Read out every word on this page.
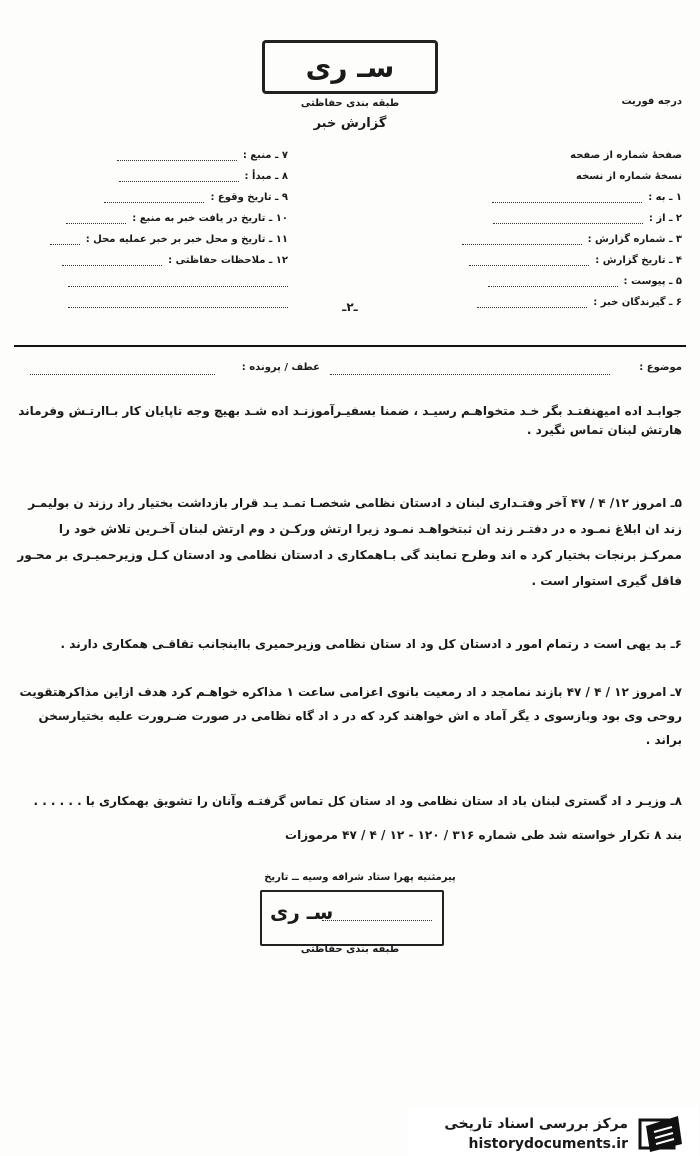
سـ ری
طبقه بندی حفاظتی
گزارش خبر
درجه فوریت
صفحهٔ شماره از صفحه
نسخهٔ شماره از نسخه
۱ ـ به :
۲ ـ از :
۳ ـ شماره گزارش :
۴ ـ تاریخ گزارش :
۵ ـ پیوست :
۶ ـ گیرندگان خبر :
۷ ـ منبع :
۸ ـ مبدأ :
۹ ـ تاریخ وقوع :
۱۰ ـ تاریخ در یافت خبر به منبع :
۱۱ ـ تاریخ و محل خبر بر خبر عملیه محل :
۱۲ ـ ملاحظات حفاظتی :
ـ۲ـ
موضوع :
عطف / پرونده :
جوابـد اده امیهنفتـد بگر خـد متخواهـم رسیـد ، ضمنا بسفیـرآموزنـد اده شـد بهیچ وجه تاپایان کار بـاارتـش وفرماند هارتش لبنان تماس نگیرد .
۵ـ امروز ۱۲/ ۴ / ۴۷ آخر وفتـداری لبنان د ادستان نظامی شخصـا تمـد یـد قرار بازداشت بختیار راد رزند ن بولیمـر زند ان ابلاغ نمـود ه در دفتـر زند ان ثبتخواهـد نمـود زیرا ارتش ورکـن د وم ارتش لبنان آخـرین تلاش خود را ممرکـز برنجات بختیار کرد ه اند وطرح تمایند گی بـاهمکاری د ادستان نظامی ود ادستان کـل وزیرحمیـری بر محـور فاقل گیری استوار است .
۶ـ بد یهی است د رتمام امور د ادستان کل ود اد ستان نظامی وزیرحمیری بااینجانب تقاقـی همکاری دارند .
۷ـ امروز ۱۲ / ۴ / ۴۷ بازند نمامجد د اد رمعیت بانوی اعزامی ساعت ۱ مذاکره خواهـم کرد هدف ازاین مذاکرهتقویت روحی وی بود وبازسوی د یگر آماد ه اش خواهند کرد که در د اد گاه نظامی در صورت ضـرورت علیه بختیارسخن براند .
۸ـ وزیـر د اد گستری لبنان باد اد ستان نظامی ود اد ستان کل تماس گرفتـه وآنان را تشویق بهمکاری با . . . . . .
بند ۸ تکرار خواسته شد طی شماره ۳۱۶ / ۱۲۰ - ۱۲ / ۴ / ۴۷ مرموزات
پیرمثنیه پهرا ستاد شرافه وسیه ــ تاریخ
سـ ری
طبقه بندی حفاظتی
مرکز بررسی اسناد تاریخی
historydocuments.ir
